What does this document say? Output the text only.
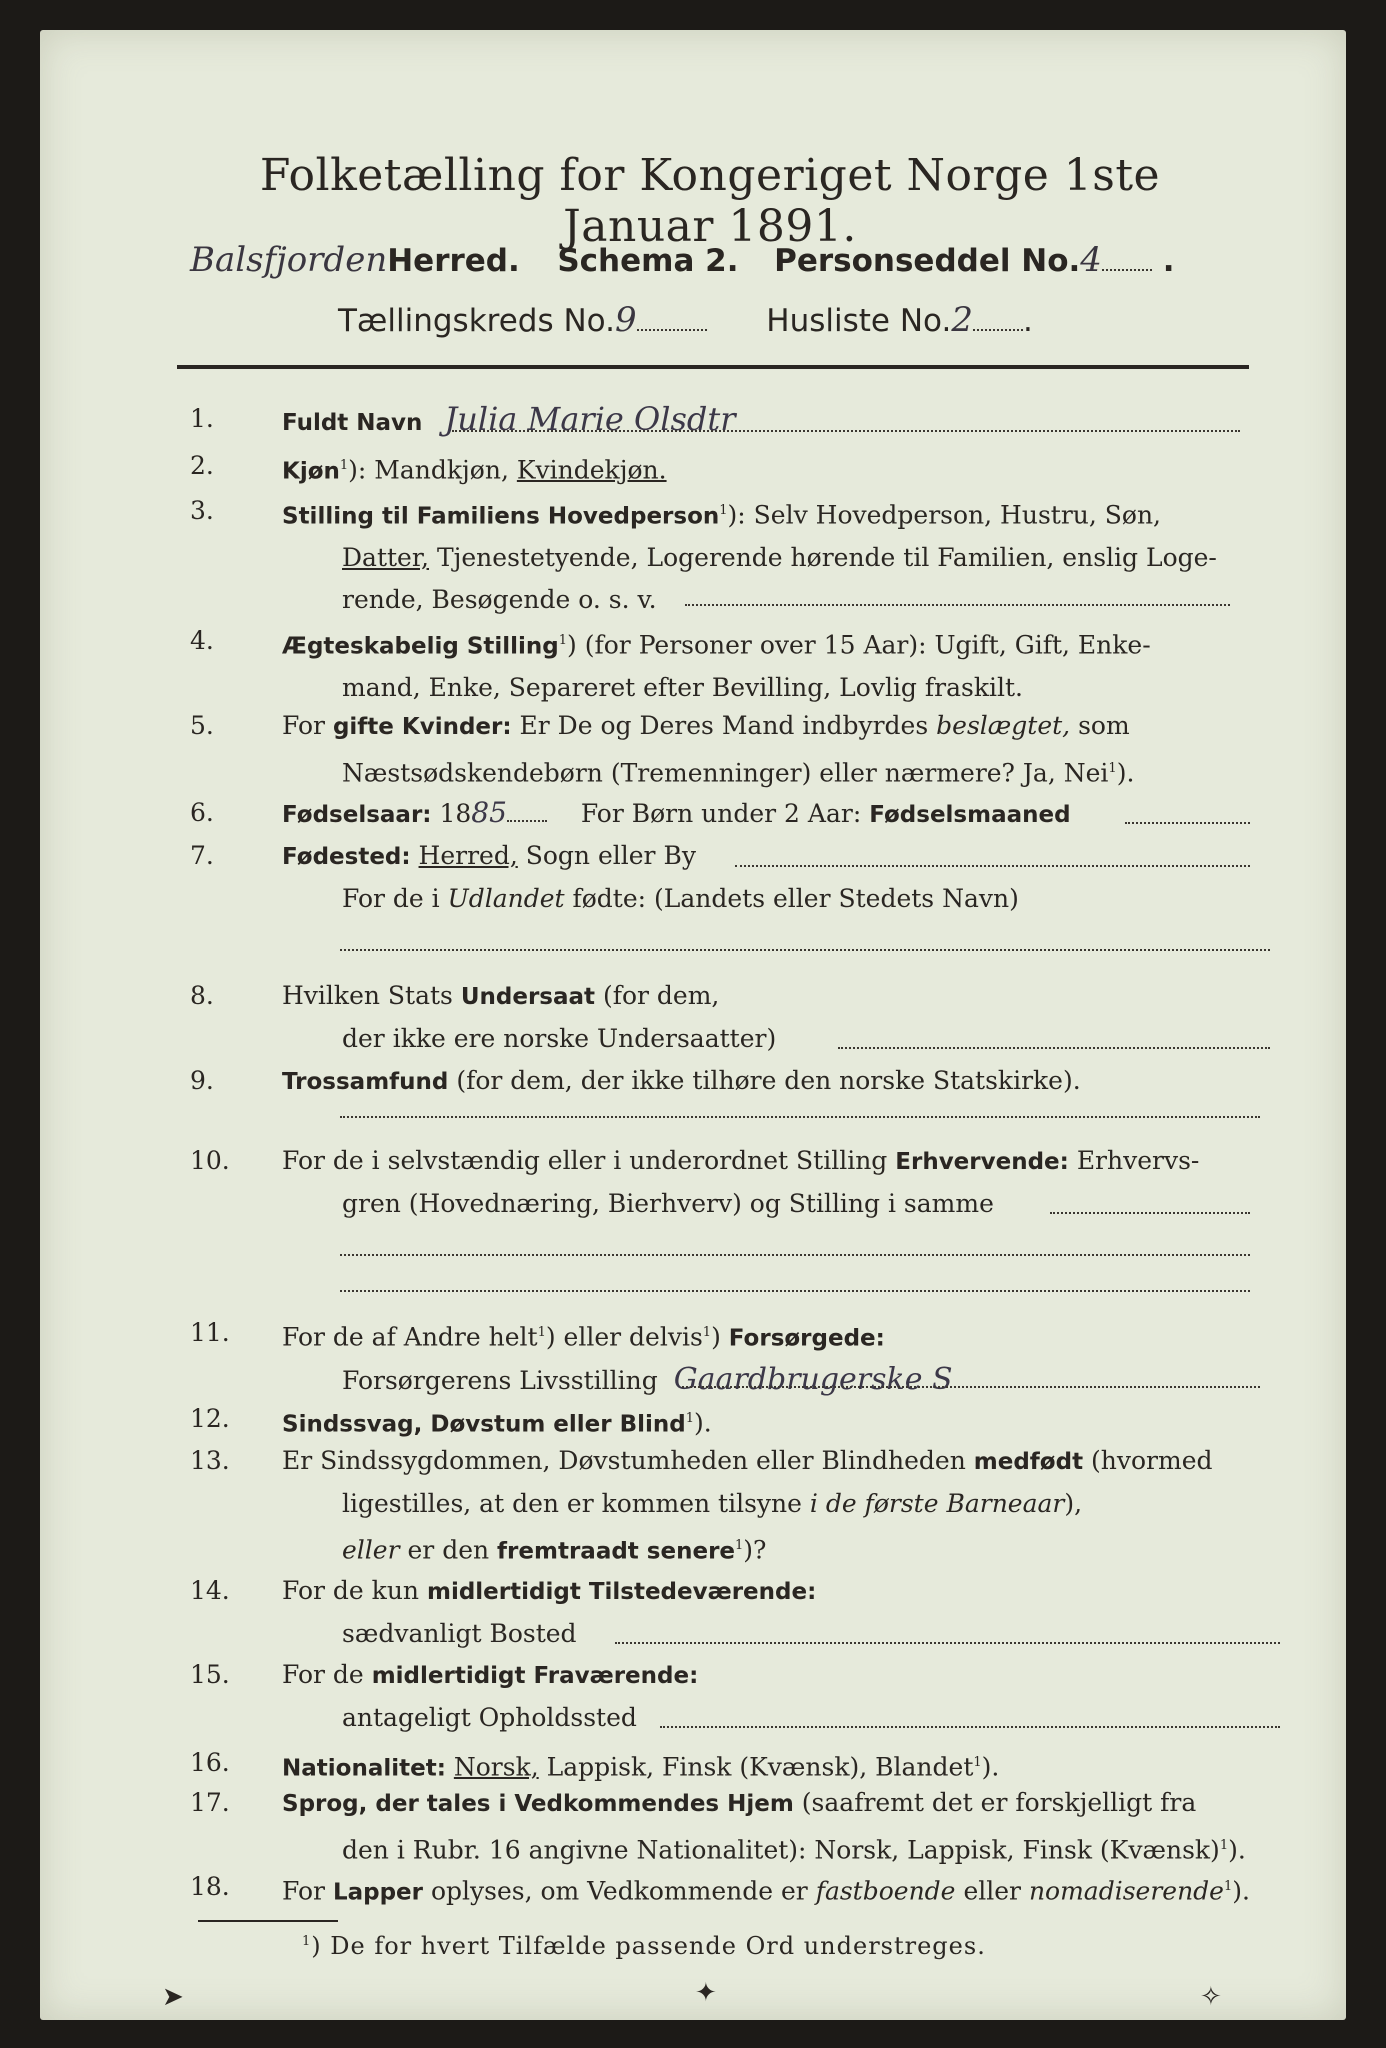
Folketælling for Kongeriget Norge 1ste Januar 1891.
BalsfjordenHerred. Schema 2. Personseddel No.4 .
Tællingskreds No.9	Husliste No.2 .
1.	Fuldt Navn Julia Marie Olsdtr
2.	Kjøn$^1$): Mandkjøn, Kvindekjøn.
3.	Stilling til Familiens Hovedperson$^1$): Selv Hovedperson, Hustru, Søn,
Datter, Tjenestetyende, Logerende hørende til Familien, enslig Loge-
rende, Besøgende o. s. v.
4.	Ægteskabelig Stilling$^1$) (for Personer over 15 Aar): Ugift, Gift, Enke-
mand, Enke, Separeret efter Bevilling, Lovlig fraskilt.
5.	For gifte Kvinder: Er De og Deres Mand indbyrdes beslægtet, som
Næstsødskendebørn (Tremenninger) eller nærmere? Ja, Nei$^1$).
6.	Fødselsaar: 1885	For Børn under 2 Aar: Fødselsmaaned
7.	Fødested: Herred, Sogn eller By
For de i Udlandet fødte: (Landets eller Stedets Navn)
8.	Hvilken Stats Undersaat (for dem,
der ikke ere norske Undersaatter)
9.	Trossamfund (for dem, der ikke tilhøre den norske Statskirke).
10.	For de i selvstændig eller i underordnet Stilling Erhvervende: Erhvervs-
gren (Hovednæring, Bierhverv) og Stilling i samme
11.	For de af Andre helt$^1$) eller delvis$^1$) Forsørgede:
Forsørgerens Livsstilling Gaardbrugerske S
12.	Sindssvag, Døvstum eller Blind$^1$).
13.	Er Sindssygdommen, Døvstumheden eller Blindheden medfødt (hvormed
ligestilles, at den er kommen tilsyne i de første Barneaar),
eller er den fremtraadt senere$^1$)?
14.	For de kun midlertidigt Tilstedeværende:
sædvanligt Bosted
15.	For de midlertidigt Fraværende:
antageligt Opholdssted
16.	Nationalitet: Norsk, Lappisk, Finsk (Kvænsk), Blandet$^1$).
17.	Sprog, der tales i Vedkommendes Hjem (saafremt det er forskjelligt fra
den i Rubr. 16 angivne Nationalitet): Norsk, Lappisk, Finsk (Kvænsk)$^1$).
18.	For Lapper oplyses, om Vedkommende er fastboende eller nomadiserende$^1$).
$^1$) De for hvert Tilfælde passende Ord understreges.
➤	✦	✧
